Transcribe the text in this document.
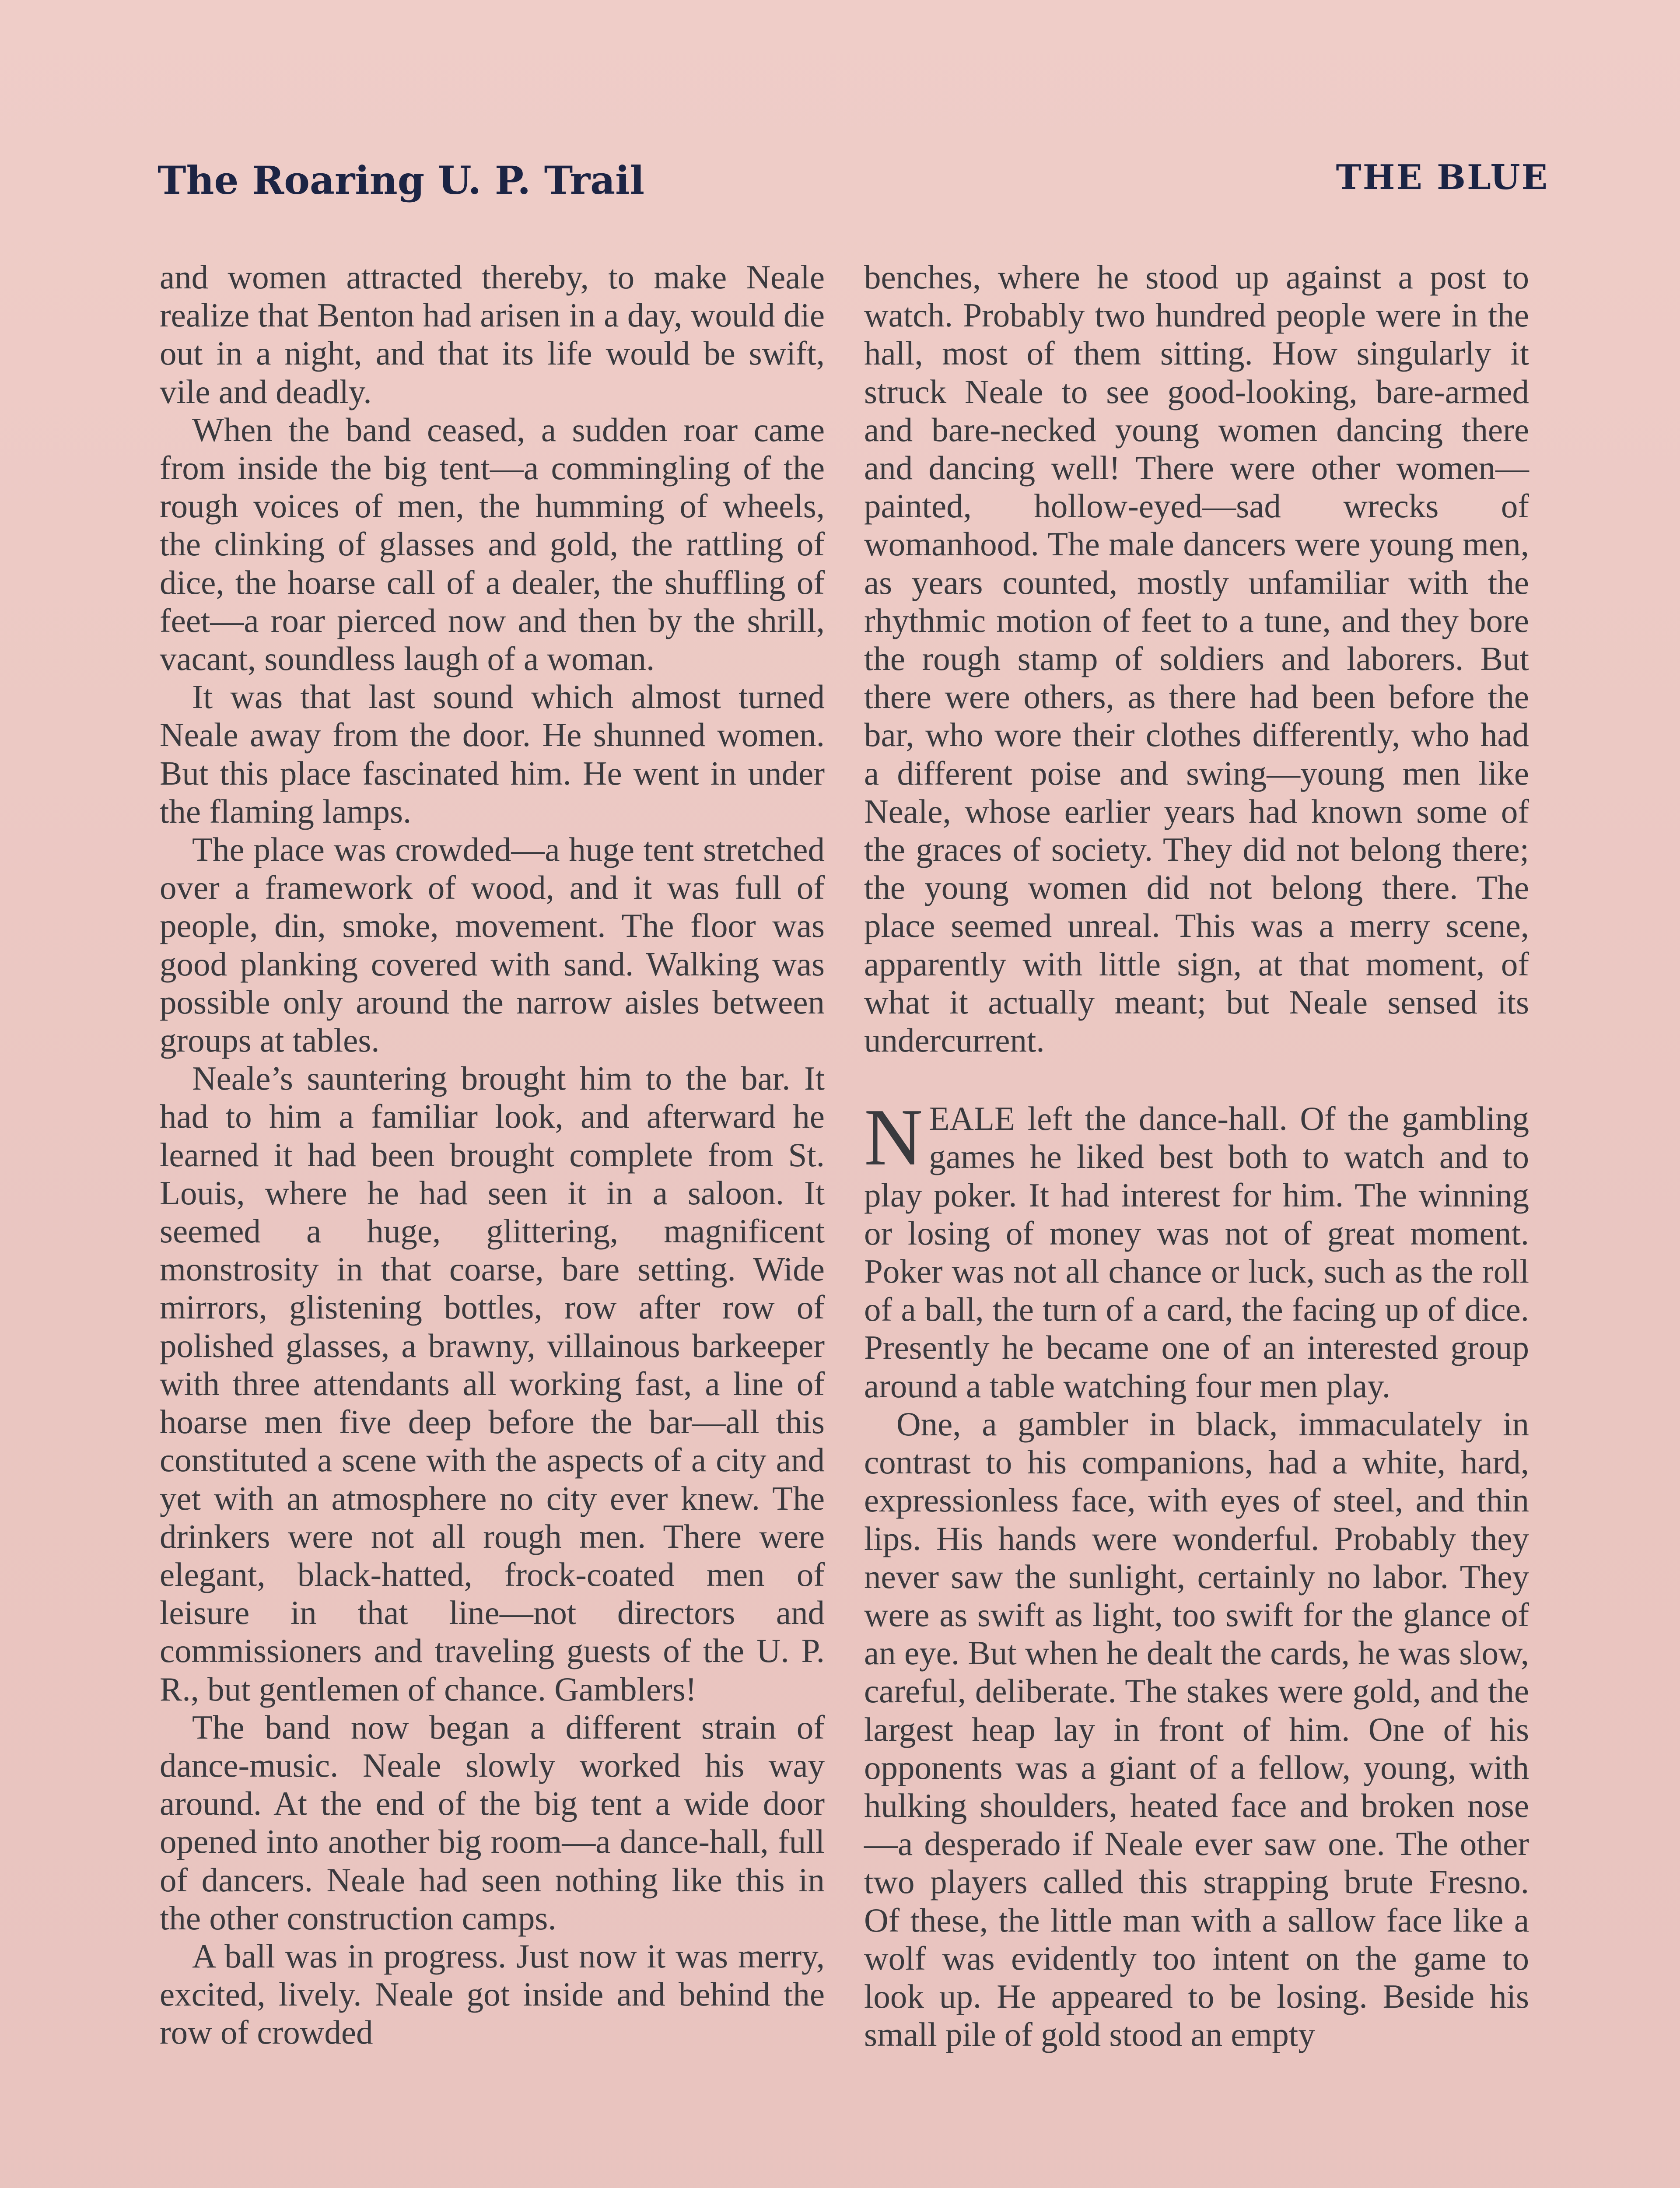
The Roaring U. P. Trail	THE BLUE

and women attracted thereby, to make Neale realize that Benton had arisen in a day, would die out in a night, and that its life would be swift, vile and deadly.

When the band ceased, a sudden roar came from inside the big tent—a commingling of the rough voices of men, the humming of wheels, the clinking of glasses and gold, the rattling of dice, the hoarse call of a dealer, the shuffling of feet—a roar pierced now and then by the shrill, vacant, soundless laugh of a woman.

It was that last sound which almost turned Neale away from the door. He shunned women. But this place fascinated him. He went in under the flaming lamps.

The place was crowded—a huge tent stretched over a framework of wood, and it was full of people, din, smoke, movement. The floor was good planking covered with sand. Walking was possible only around the narrow aisles between groups at tables.

Neale’s sauntering brought him to the bar. It had to him a familiar look, and afterward he learned it had been brought complete from St. Louis, where he had seen it in a saloon. It seemed a huge, glittering, magnificent monstrosity in that coarse, bare setting. Wide mirrors, glistening bottles, row after row of polished glasses, a brawny, villainous barkeeper with three attendants all working fast, a line of hoarse men five deep before the bar—all this constituted a scene with the aspects of a city and yet with an atmosphere no city ever knew. The drinkers were not all rough men. There were elegant, black-hatted, frock-coated men of leisure in that line—not directors and commissioners and traveling guests of the U. P. R., but gentlemen of chance. Gamblers!

The band now began a different strain of dance-music. Neale slowly worked his way around. At the end of the big tent a wide door opened into another big room—a dance-hall, full of dancers. Neale had seen nothing like this in the other construction camps.

A ball was in progress. Just now it was merry, excited, lively. Neale got inside and behind the row of crowded

benches, where he stood up against a post to watch. Probably two hundred people were in the hall, most of them sitting. How singularly it struck Neale to see good-looking, bare-armed and bare-necked young women dancing there and dancing well! There were other women—painted, hollow-eyed—sad wrecks of womanhood. The male dancers were young men, as years counted, mostly unfamiliar with the rhythmic motion of feet to a tune, and they bore the rough stamp of soldiers and laborers. But there were others, as there had been before the bar, who wore their clothes differently, who had a different poise and swing—young men like Neale, whose earlier years had known some of the graces of society. They did not belong there; the young women did not belong there. The place seemed unreal. This was a merry scene, apparently with little sign, at that moment, of what it actually meant; but Neale sensed its undercurrent.

NEALE left the dance-hall. Of the gambling games he liked best both to watch and to play poker. It had interest for him. The winning or losing of money was not of great moment. Poker was not all chance or luck, such as the roll of a ball, the turn of a card, the facing up of dice. Presently he became one of an interested group around a table watching four men play.

One, a gambler in black, immaculately in contrast to his companions, had a white, hard, expressionless face, with eyes of steel, and thin lips. His hands were wonderful. Probably they never saw the sunlight, certainly no labor. They were as swift as light, too swift for the glance of an eye. But when he dealt the cards, he was slow, careful, deliberate. The stakes were gold, and the largest heap lay in front of him. One of his opponents was a giant of a fellow, young, with hulking shoulders, heated face and broken nose—a desperado if Neale ever saw one. The other two players called this strapping brute Fresno. Of these, the little man with a sallow face like a wolf was evidently too intent on the game to look up. He appeared to be losing. Beside his small pile of gold stood an empty
